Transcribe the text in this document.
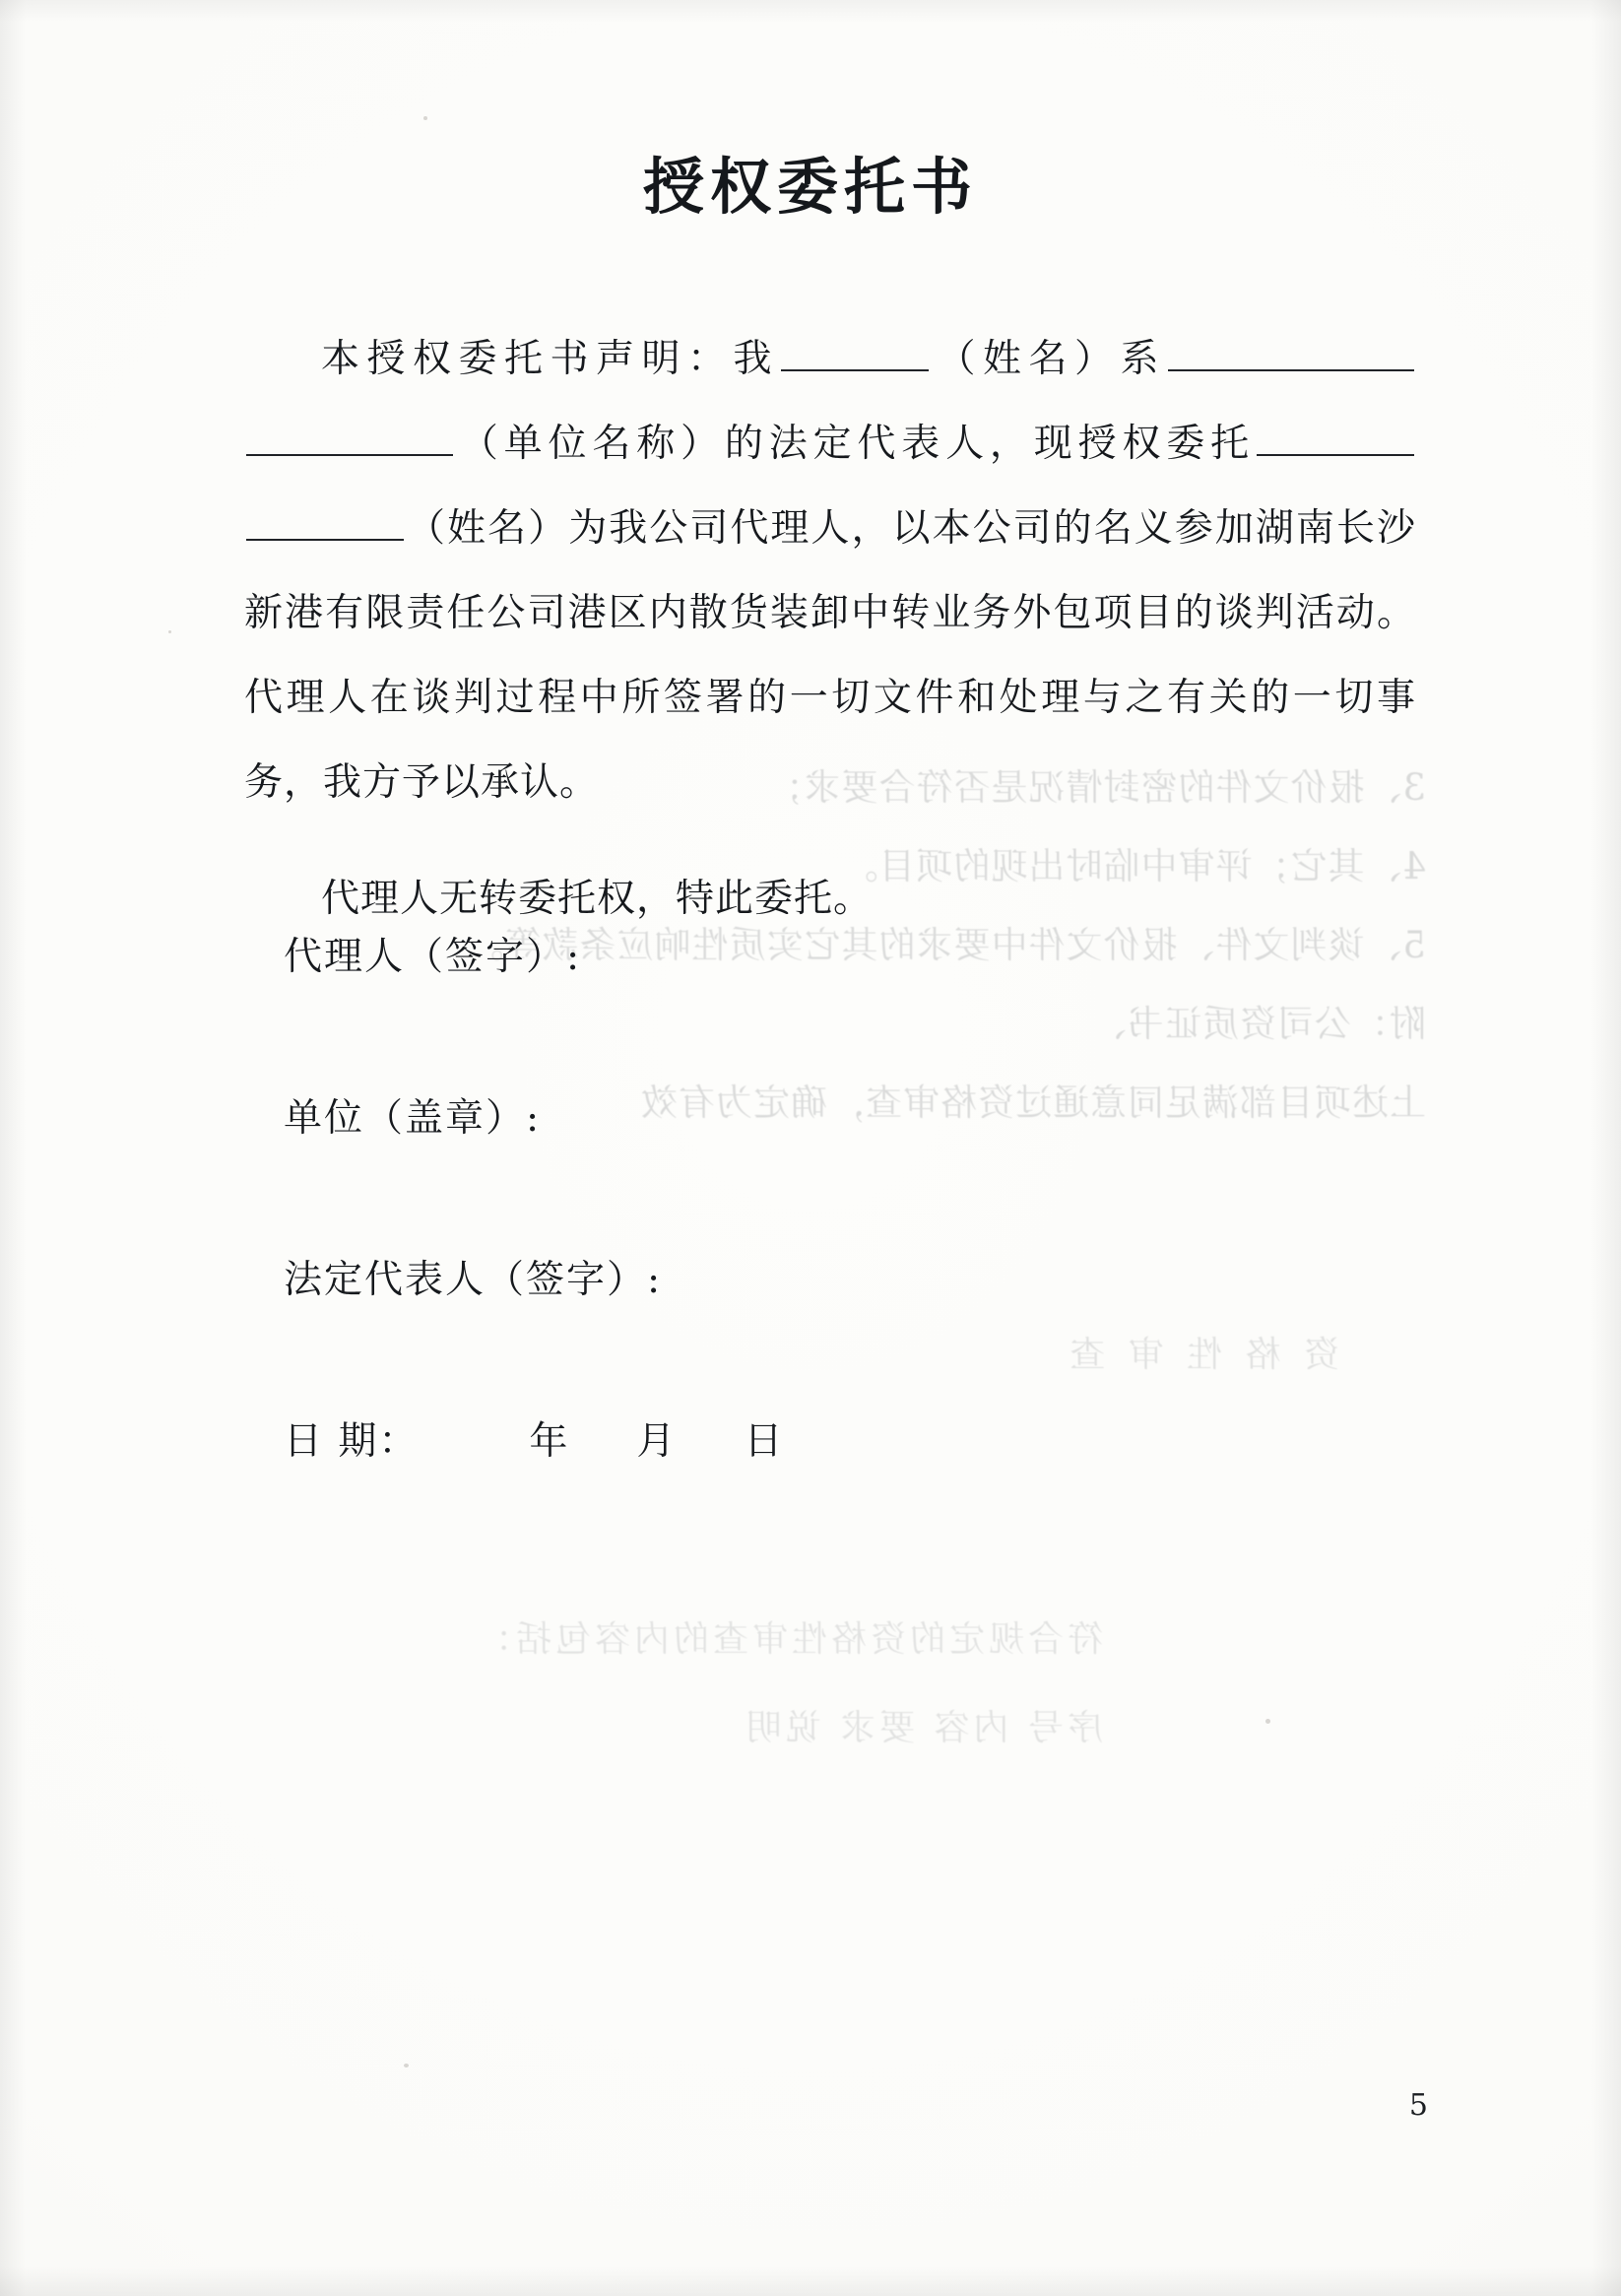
3、报价文件的密封情况是否符合要求；
4、其它；评审中临时出现的项目。
5、谈判文件、报价文件中要求的其它实质性响应条款等。
附：公司资质证书、
上述项目部满足同意通过资格审查，确定为有效
资 格 性 审 查
符合规定的资格性审查的内容包括：
序号 内容 要求 说明
授权委托书
本授权委托书声明：我	（姓名）系（单位名称）的法定代表人，现授权委托（姓名）为我公司代理人，以本公司的名义参加湖南长沙新港有限责任公司港区内散货装卸中转业务外包项目的谈判活动。代理人在谈判过程中所签署的一切文件和处理与之有关的一切事务，我方予以承认。
代理人无转委托权，特此委托。
代理人（签字）:
单位（盖章）:
法定代表人（签字）:
日 期：	年 月 日
5
